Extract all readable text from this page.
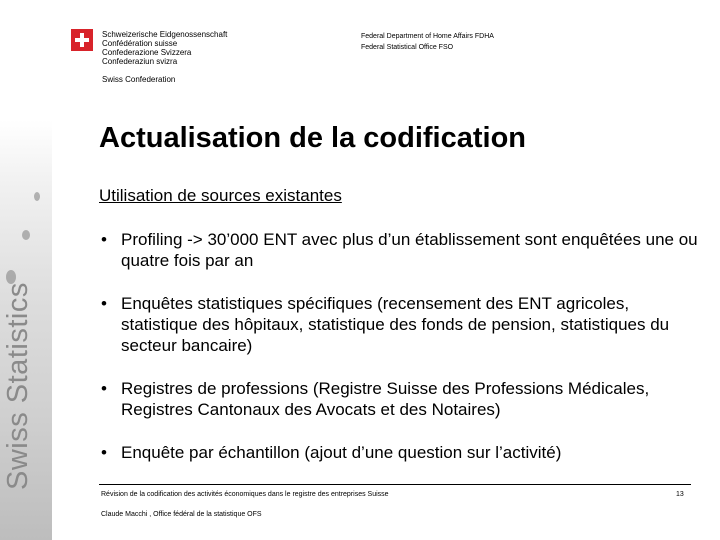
Swiss Statistics
Schweizerische Eidgenossenschaft
Confédération suisse
Confederazione Svizzera
Confederaziun svizra
Swiss Confederation
Federal Department of Home Affairs FDHA
Federal Statistical Office FSO
Actualisation de la codification
Utilisation de sources existantes
• Profiling -> 30’000 ENT avec plus d’un établissement sont enquêtées une ou quatre fois par an
• Enquêtes statistiques spécifiques (recensement des ENT agricoles, statistique des hôpitaux, statistique des fonds de pension, statistiques du secteur bancaire)
• Registres de professions (Registre Suisse des Professions Médicales, Registres Cantonaux des Avocats et des Notaires)
• Enquête par échantillon (ajout d’une question sur l’activité)
Révision de la codification des activités économiques dans le registre des entreprises Suisse
Claude Macchi , Office fédéral de la statistique OFS
13
